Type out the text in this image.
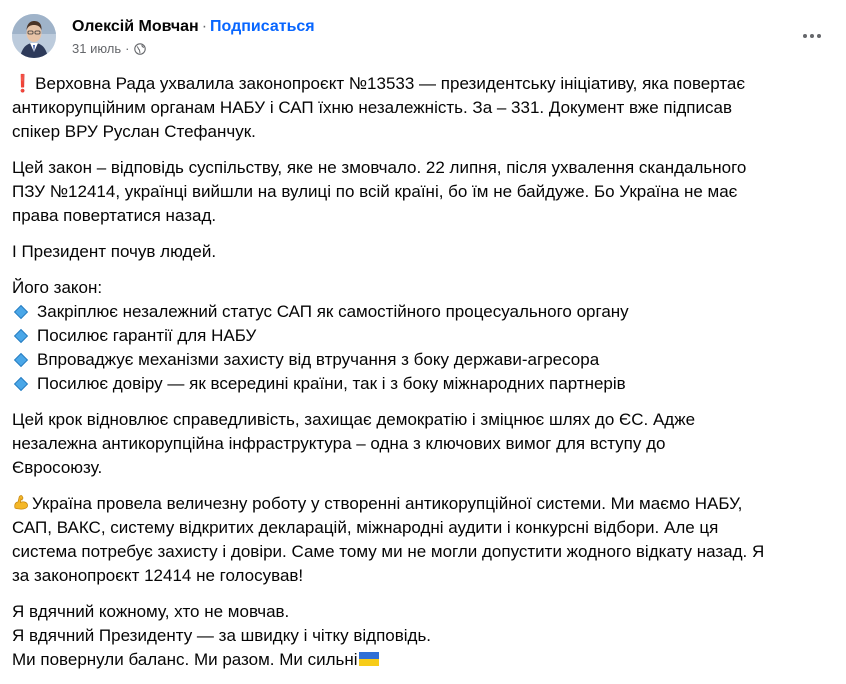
Олексій Мовчан · Подписаться
31 июль ·
❗ Верховна Рада ухвалила законопроєкт №13533 — президентську ініціативу, яка повертає
антикорупційним органам НАБУ і САП їхню незалежність. За – 331. Документ вже підписав
спікер ВРУ Руслан Стефанчук.
Цей закон – відповідь суспільству, яке не змовчало. 22 липня, після ухвалення скандального
ПЗУ №12414, українці вийшли на вулиці по всій країні, бо їм не байдуже. Бо Україна не має
права повертатися назад.
І Президент почув людей.
Його закон:
Закріплює незалежний статус САП як самостійного процесуального органу
Посилює гарантії для НАБУ
Впроваджує механізми захисту від втручання з боку держави-агресора
Посилює довіру — як всередині країни, так і з боку міжнародних партнерів
Цей крок відновлює справедливість, захищає демократію і зміцнює шлях до ЄС. Адже
незалежна антикорупційна інфраструктура – одна з ключових вимог для вступу до
Євросоюзу.
Україна провела величезну роботу у створенні антикорупційної системи. Ми маємо НАБУ,
САП, ВАКС, систему відкритих декларацій, міжнародні аудити і конкурсні відбори. Але ця
система потребує захисту і довіри. Саме тому ми не могли допустити жодного відкату назад. Я
за законопроєкт 12414 не голосував!
Я вдячний кожному, хто не мовчав.
Я вдячний Президенту — за швидку і чітку відповідь.
Ми повернули баланс. Ми разом. Ми сильні
